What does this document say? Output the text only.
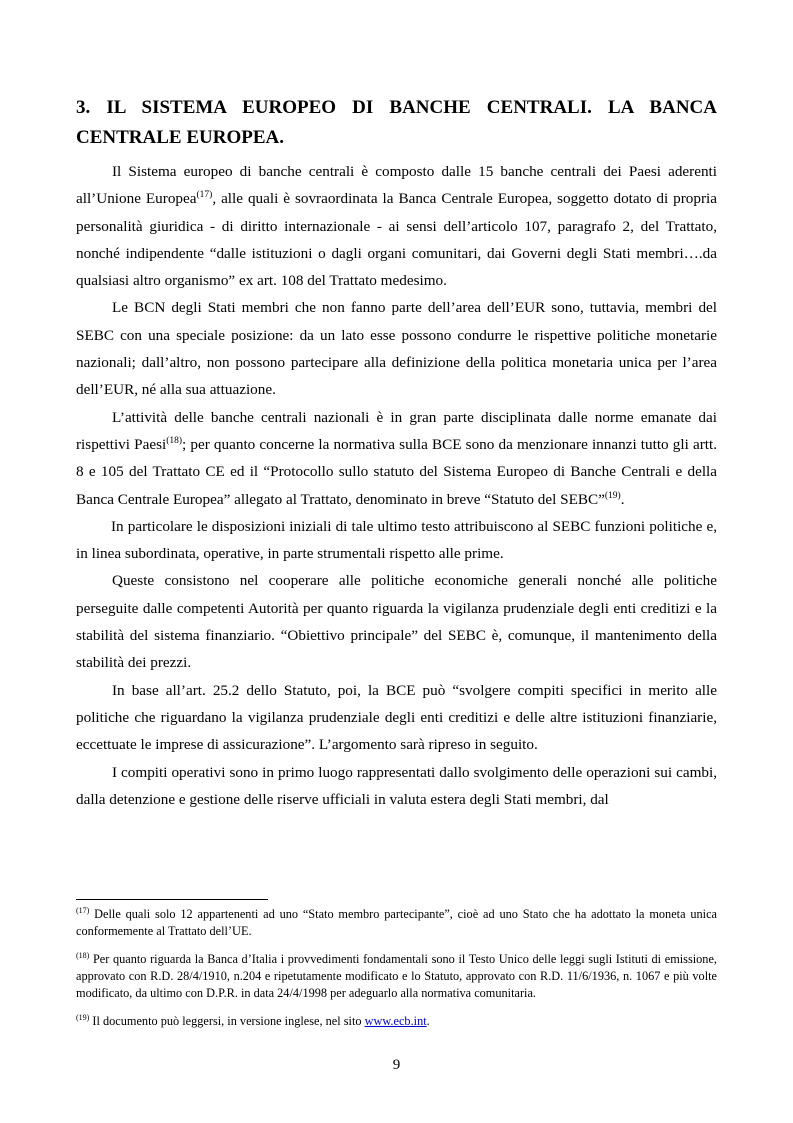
3. IL SISTEMA EUROPEO DI BANCHE CENTRALI. LA BANCA CENTRALE EUROPEA.

Il Sistema europeo di banche centrali è composto dalle 15 banche centrali dei Paesi aderenti all’Unione Europea$^{(17)}$, alle quali è sovraordinata la Banca Centrale Europea, soggetto dotato di propria personalità giuridica - di diritto internazionale - ai sensi dell’articolo 107, paragrafo 2, del Trattato, nonché indipendente “dalle istituzioni o dagli organi comunitari, dai Governi degli Stati membri….da qualsiasi altro organismo” ex art. 108 del Trattato medesimo.

Le BCN degli Stati membri che non fanno parte dell’area dell’EUR sono, tuttavia, membri del SEBC con una speciale posizione: da un lato esse possono condurre le rispettive politiche monetarie nazionali; dall’altro, non possono partecipare alla definizione della politica monetaria unica per l’area dell’EUR, né alla sua attuazione.

L’attività delle banche centrali nazionali è in gran parte disciplinata dalle norme emanate dai rispettivi Paesi$^{(18)}$; per quanto concerne la normativa sulla BCE sono da menzionare innanzi tutto gli artt. 8 e 105 del Trattato CE ed il “Protocollo sullo statuto del Sistema Europeo di Banche Centrali e della Banca Centrale Europea” allegato al Trattato, denominato in breve “Statuto del SEBC”$^{(19)}$.

In particolare le disposizioni iniziali di tale ultimo testo attribuiscono al SEBC funzioni politiche e, in linea subordinata, operative, in parte strumentali rispetto alle prime.

Queste consistono nel cooperare alle politiche economiche generali nonché alle politiche perseguite dalle competenti Autorità per quanto riguarda la vigilanza prudenziale degli enti creditizi e la stabilità del sistema finanziario. “Obiettivo principale” del SEBC è, comunque, il mantenimento della stabilità dei prezzi.

In base all’art. 25.2 dello Statuto, poi, la BCE può “svolgere compiti specifici in merito alle politiche che riguardano la vigilanza prudenziale degli enti creditizi e delle altre istituzioni finanziarie, eccettuate le imprese di assicurazione”. L’argomento sarà ripreso in seguito.

I compiti operativi sono in primo luogo rappresentati dallo svolgimento delle operazioni sui cambi, dalla detenzione e gestione delle riserve ufficiali in valuta estera degli Stati membri, dal

$^{(17)}$ Delle quali solo 12 appartenenti ad uno “Stato membro partecipante”, cioè ad uno Stato che ha adottato la moneta unica conformemente al Trattato dell’UE.

$^{(18)}$ Per quanto riguarda la Banca d’Italia i provvedimenti fondamentali sono il Testo Unico delle leggi sugli Istituti di emissione, approvato con R.D. 28/4/1910, n.204 e ripetutamente modificato e lo Statuto, approvato con R.D. 11/6/1936, n. 1067 e più volte modificato, da ultimo con D.P.R. in data 24/4/1998 per adeguarlo alla normativa comunitaria.

$^{(19)}$ Il documento può leggersi, in versione inglese, nel sito www.ecb.int.

9
